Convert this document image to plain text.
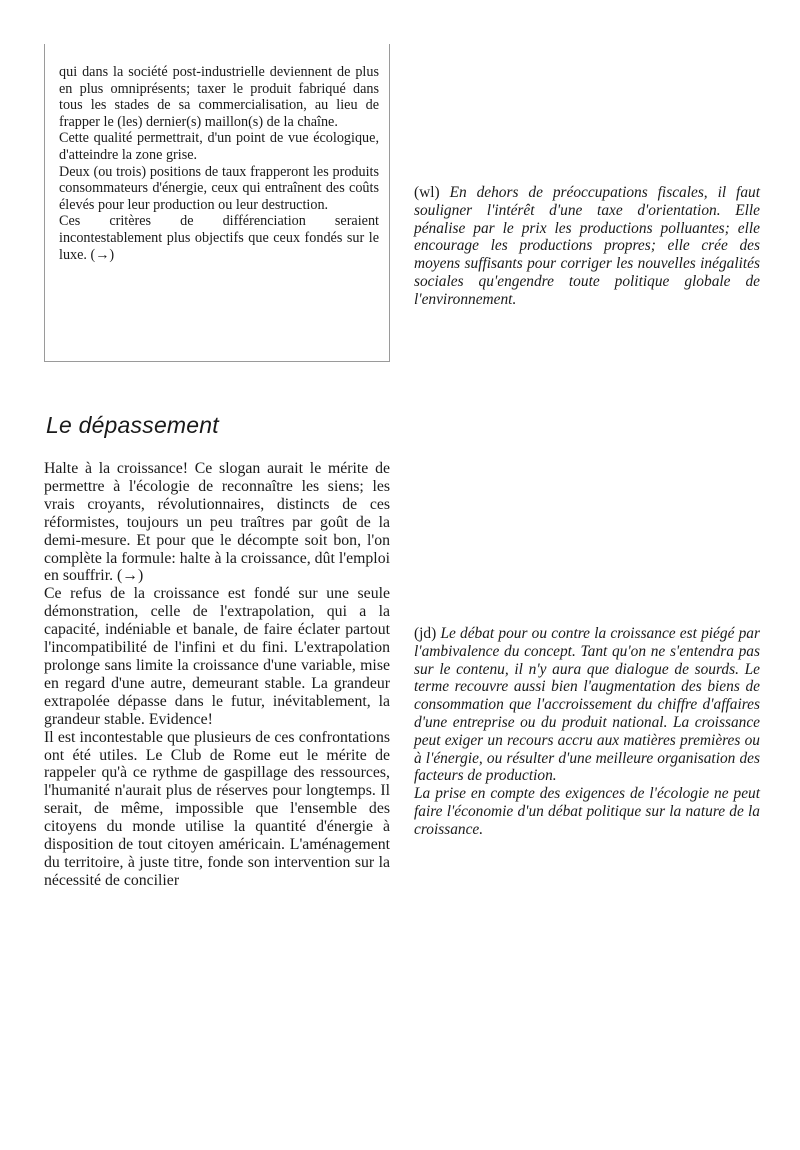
qui dans la société post-industrielle deviennent de plus en plus omniprésents; taxer le produit fabriqué dans tous les stades de sa commercialisation, au lieu de frapper le (les) dernier(s) maillon(s) de la chaîne.

Cette qualité permettrait, d'un point de vue écologique, d'atteindre la zone grise.

Deux (ou trois) positions de taux frapperont les produits consommateurs d'énergie, ceux qui entraînent des coûts élevés pour leur production ou leur destruction.

Ces critères de différenciation seraient incontestablement plus objectifs que ceux fondés sur le luxe. (→)

(wl) En dehors de préoccupations fiscales, il faut souligner l'intérêt d'une taxe d'orientation. Elle pénalise par le prix les productions polluantes; elle encourage les productions propres; elle crée des moyens suffisants pour corriger les nouvelles inégalités sociales qu'engendre toute politique globale de l'environnement.

Le dépassement

Halte à la croissance! Ce slogan aurait le mérite de permettre à l'écologie de reconnaître les siens; les vrais croyants, révolutionnaires, distincts de ces réformistes, toujours un peu traîtres par goût de la demi-mesure. Et pour que le décompte soit bon, l'on complète la formule: halte à la croissance, dût l'emploi en souffrir. (→)

Ce refus de la croissance est fondé sur une seule démonstration, celle de l'extrapolation, qui a la capacité, indéniable et banale, de faire éclater partout l'incompatibilité de l'infini et du fini. L'extrapolation prolonge sans limite la croissance d'une variable, mise en regard d'une autre, demeurant stable. La grandeur extrapolée dépasse dans le futur, inévitablement, la grandeur stable. Evidence!

Il est incontestable que plusieurs de ces confrontations ont été utiles. Le Club de Rome eut le mérite de rappeler qu'à ce rythme de gaspillage des ressources, l'humanité n'aurait plus de réserves pour longtemps. Il serait, de même, impossible que l'ensemble des citoyens du monde utilise la quantité d'énergie à disposition de tout citoyen américain. L'aménagement du territoire, à juste titre, fonde son intervention sur la nécessité de concilier

(jd) Le débat pour ou contre la croissance est piégé par l'ambivalence du concept. Tant qu'on ne s'entendra pas sur le contenu, il n'y aura que dialogue de sourds. Le terme recouvre aussi bien l'augmentation des biens de consommation que l'accroissement du chiffre d'affaires d'une entreprise ou du produit national. La croissance peut exiger un recours accru aux matières premières ou à l'énergie, ou résulter d'une meilleure organisation des facteurs de production.

La prise en compte des exigences de l'écologie ne peut faire l'économie d'un débat politique sur la nature de la croissance.
